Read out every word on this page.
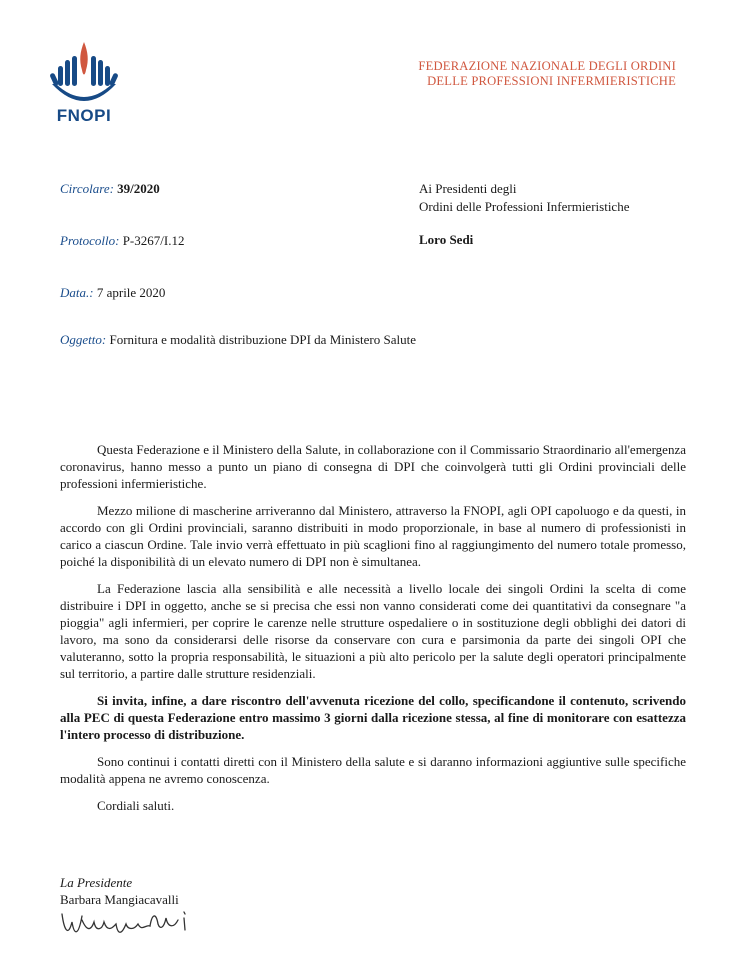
FNOPI
FEDERAZIONE NAZIONALE DEGLI ORDINI
DELLE PROFESSIONI INFERMIERISTICHE
Circolare: 39/2020
Protocollo: P-3267/I.12
Data.: 7 aprile 2020
Oggetto: Fornitura e modalità distribuzione DPI da Ministero Salute
Ai Presidenti degli
Ordini delle Professioni Infermieristiche
Loro Sedi

Questa Federazione e il Ministero della Salute, in collaborazione con il Commissario Straordinario all'emergenza coronavirus, hanno messo a punto un piano di consegna di DPI che coinvolgerà tutti gli Ordini provinciali delle professioni infermieristiche.

Mezzo milione di mascherine arriveranno dal Ministero, attraverso la FNOPI, agli OPI capoluogo e da questi, in accordo con gli Ordini provinciali, saranno distribuiti in modo proporzionale, in base al numero di professionisti in carico a ciascun Ordine. Tale invio verrà effettuato in più scaglioni fino al raggiungimento del numero totale promesso, poiché la disponibilità di un elevato numero di DPI non è simultanea.

La Federazione lascia alla sensibilità e alle necessità a livello locale dei singoli Ordini la scelta di come distribuire i DPI in oggetto, anche se si precisa che essi non vanno considerati come dei quantitativi da consegnare "a pioggia" agli infermieri, per coprire le carenze nelle strutture ospedaliere o in sostituzione degli obblighi dei datori di lavoro, ma sono da considerarsi delle risorse da conservare con cura e parsimonia da parte dei singoli OPI che valuteranno, sotto la propria responsabilità, le situazioni a più alto pericolo per la salute degli operatori principalmente sul territorio, a partire dalle strutture residenziali.

Si invita, infine, a dare riscontro dell'avvenuta ricezione del collo, specificandone il contenuto, scrivendo alla PEC di questa Federazione entro massimo 3 giorni dalla ricezione stessa, al fine di monitorare con esattezza l'intero processo di distribuzione.

Sono continui i contatti diretti con il Ministero della salute e si daranno informazioni aggiuntive sulle specifiche modalità appena ne avremo conoscenza.

Cordiali saluti.

La Presidente
Barbara Mangiacavalli
